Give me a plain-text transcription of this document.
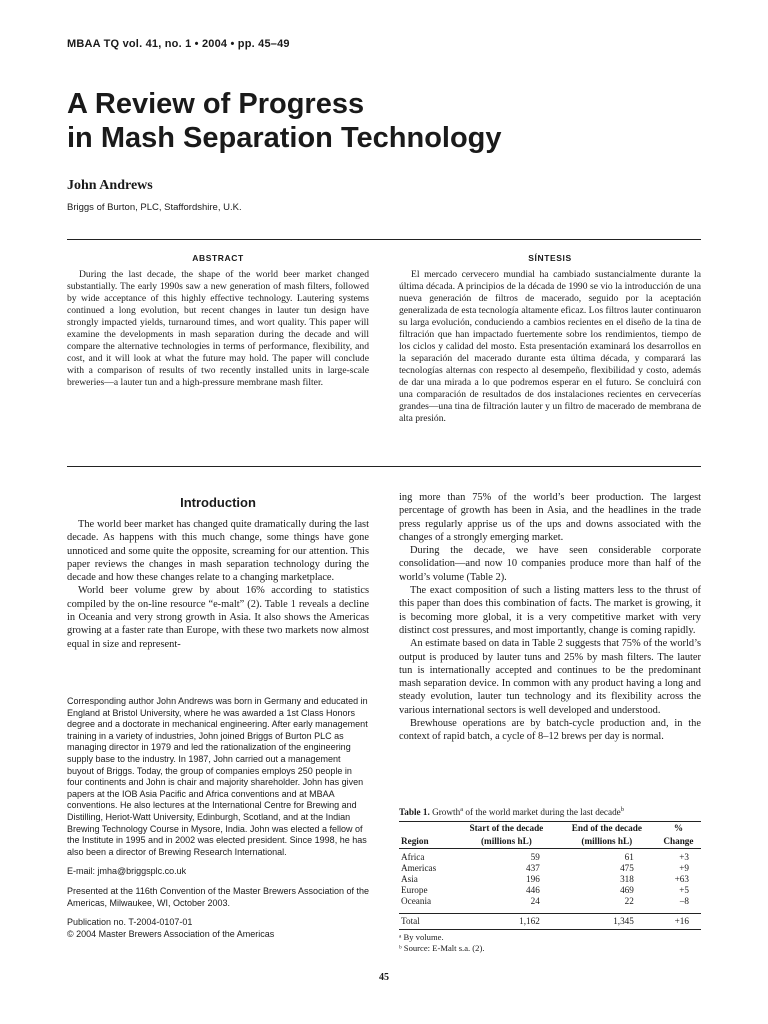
MBAA TQ vol. 41, no. 1 • 2004 • pp. 45–49
A Review of Progress
in Mash Separation Technology
John Andrews
Briggs of Burton, PLC, Staffordshire, U.K.
ABSTRACT

During the last decade, the shape of the world beer market changed substantially. The early 1990s saw a new generation of mash filters, followed by wide acceptance of this highly effective technology. Lautering systems continued a long evolution, but recent changes in lauter tun design have strongly impacted yields, turnaround times, and wort quality. This paper will examine the developments in mash separation during the decade and will compare the alternative technologies in terms of performance, flexibility, and cost, and it will look at what the future may hold. The paper will conclude with a comparison of results of two recently installed units in large-scale breweries—a lauter tun and a high-pressure membrane mash filter.

SÍNTESIS

El mercado cervecero mundial ha cambiado sustancialmente durante la última década. A principios de la década de 1990 se vio la introducción de una nueva generación de filtros de macerado, seguido por la aceptación generalizada de esta tecnología altamente eficaz. Los filtros lauter continuaron su larga evolución, conduciendo a cambios recientes en el diseño de la tina de filtración que han impactado fuertemente sobre los rendimientos, tiempo de los ciclos y calidad del mosto. Esta presentación examinará los desarrollos en la separación del macerado durante esta última década, y comparará las tecnologías alternas con respecto al desempeño, flexibilidad y costo, además de dar una mirada a lo que podremos esperar en el futuro. Se concluirá con una comparación de resultados de dos instalaciones recientes en cervecerías grandes—una tina de filtración lauter y un filtro de macerado de membrana de alta presión.

Introduction

The world beer market has changed quite dramatically during the last decade. As happens with this much change, some things have gone unnoticed and some quite the opposite, screaming for our attention. This paper reviews the changes in mash separation technology during the decade and how these changes relate to a changing marketplace.

World beer volume grew by about 16% according to statistics compiled by the on-line resource “e-malt” (2). Table 1 reveals a decline in Oceania and very strong growth in Asia. It also shows the Americas growing at a faster rate than Europe, with these two markets now almost equal in size and represent-

Corresponding author John Andrews was born in Germany and educated in England at Bristol University, where he was awarded a 1st Class Honors degree and a doctorate in mechanical engineering. After early management training in a variety of industries, John joined Briggs of Burton PLC as managing director in 1979 and led the rationalization of the engineering supply base to the industry. In 1987, John carried out a management buyout of Briggs. Today, the group of companies employs 250 people in four continents and John is chair and majority shareholder. John has given papers at the IOB Asia Pacific and Africa conventions and at MBAA conventions. He also lectures at the International Centre for Brewing and Distilling, Heriot-Watt University, Edinburgh, Scotland, and at the Indian Brewing Technology Course in Mysore, India. John was elected a fellow of the Institute in 1995 and in 2002 was elected president. Since 1998, he has also been a director of Brewing Research International.

E-mail: jmha@briggsplc.co.uk

Presented at the 116th Convention of the Master Brewers Association of the Americas, Milwaukee, WI, October 2003.

Publication no. T-2004-0107-01

© 2004 Master Brewers Association of the Americas

ing more than 75% of the world’s beer production. The largest percentage of growth has been in Asia, and the headlines in the trade press regularly apprise us of the ups and downs associated with the changes of a strongly emerging market.

During the decade, we have seen considerable corporate consolidation—and now 10 companies produce more than half of the world’s volume (Table 2).

The exact composition of such a listing matters less to the thrust of this paper than does this combination of facts. The market is growing, it is becoming more global, it is a very competitive market with very distinct cost pressures, and most importantly, change is coming rapidly.

An estimate based on data in Table 2 suggests that 75% of the world’s output is produced by lauter tuns and 25% by mash filters. The lauter tun is internationally accepted and continues to be the predominant mash separation device. In common with any product having a long and steady evolution, lauter tun technology and its flexibility across the various international sectors is well developed and understood.

Brewhouse operations are by batch-cycle production and, in the context of rapid batch, a cycle of 8–12 brews per day is normal.

Table 1. Growth$^a$ of the world market during the last decade$^b$
	Start of the decade	End of the decade	%
Region	(millions hL)	(millions hL)	Change

Africa	59	61	+3
Americas	437	475	+9
Asia	196	318	+63
Europe	446	469	+5
Oceania	24	22	–8

Total	1,162	1,345	+16
ᵃ By volume.
ᵇ Source: E-Malt s.a. (2).
45
